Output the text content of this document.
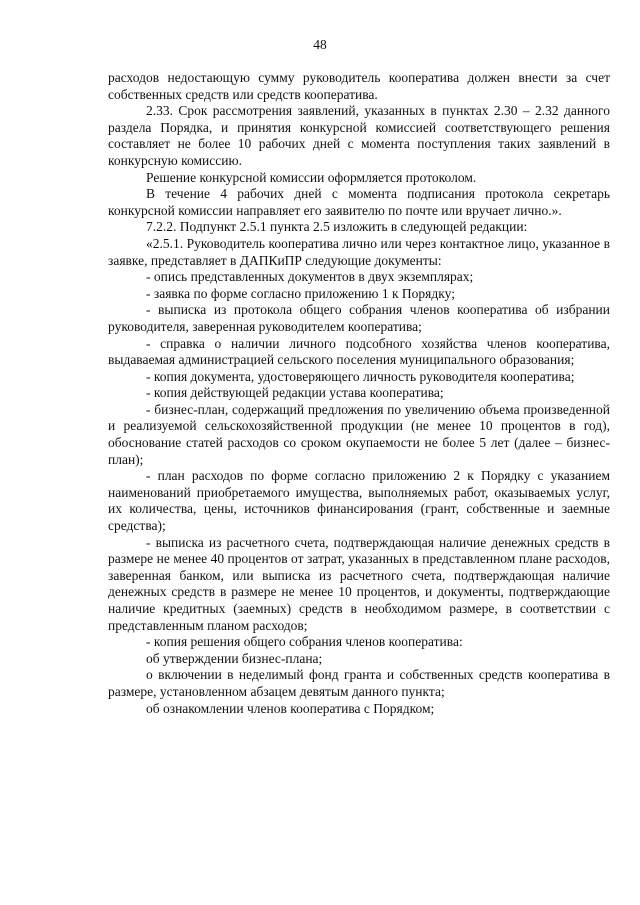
48

расходов недостающую сумму руководитель кооператива должен внести за счет собственных средств или средств кооператива.

2.33. Срок рассмотрения заявлений, указанных в пунктах 2.30 – 2.32 данного раздела Порядка, и принятия конкурсной комиссией соответствующего решения составляет не более 10 рабочих дней с момента поступления таких заявлений в конкурсную комиссию.

Решение конкурсной комиссии оформляется протоколом.

В течение 4 рабочих дней с момента подписания протокола секретарь конкурсной комиссии направляет его заявителю по почте или вручает лично.».

7.2.2. Подпункт 2.5.1 пункта 2.5 изложить в следующей редакции:

«2.5.1. Руководитель кооператива лично или через контактное лицо, указанное в заявке, представляет в ДАПКиПР следующие документы:

- опись представленных документов в двух экземплярах;

- заявка по форме согласно приложению 1 к Порядку;

- выписка из протокола общего собрания членов кооператива об избрании руководителя, заверенная руководителем кооператива;

- справка о наличии личного подсобного хозяйства членов кооператива, выдаваемая администрацией сельского поселения муниципального образования;

- копия документа, удостоверяющего личность руководителя кооператива;

- копия действующей редакции устава кооператива;

- бизнес-план, содержащий предложения по увеличению объема произведенной и реализуемой сельскохозяйственной продукции (не менее 10 процентов в год), обоснование статей расходов со сроком окупаемости не более 5 лет (далее – бизнес-план);

- план расходов по форме согласно приложению 2 к Порядку с указанием наименований приобретаемого имущества, выполняемых работ, оказываемых услуг, их количества, цены, источников финансирования (грант, собственные и заемные средства);

- выписка из расчетного счета, подтверждающая наличие денежных средств в размере не менее 40 процентов от затрат, указанных в представленном плане расходов, заверенная банком, или выписка из расчетного счета, подтверждающая наличие денежных средств в размере не менее 10 процентов, и документы, подтверждающие наличие кредитных (заемных) средств в необходимом размере, в соответствии с представленным планом расходов;

- копия решения общего собрания членов кооператива:

об утверждении бизнес-плана;

о включении в неделимый фонд гранта и собственных средств кооператива в размере, установленном абзацем девятым данного пункта;

об ознакомлении членов кооператива с Порядком;
